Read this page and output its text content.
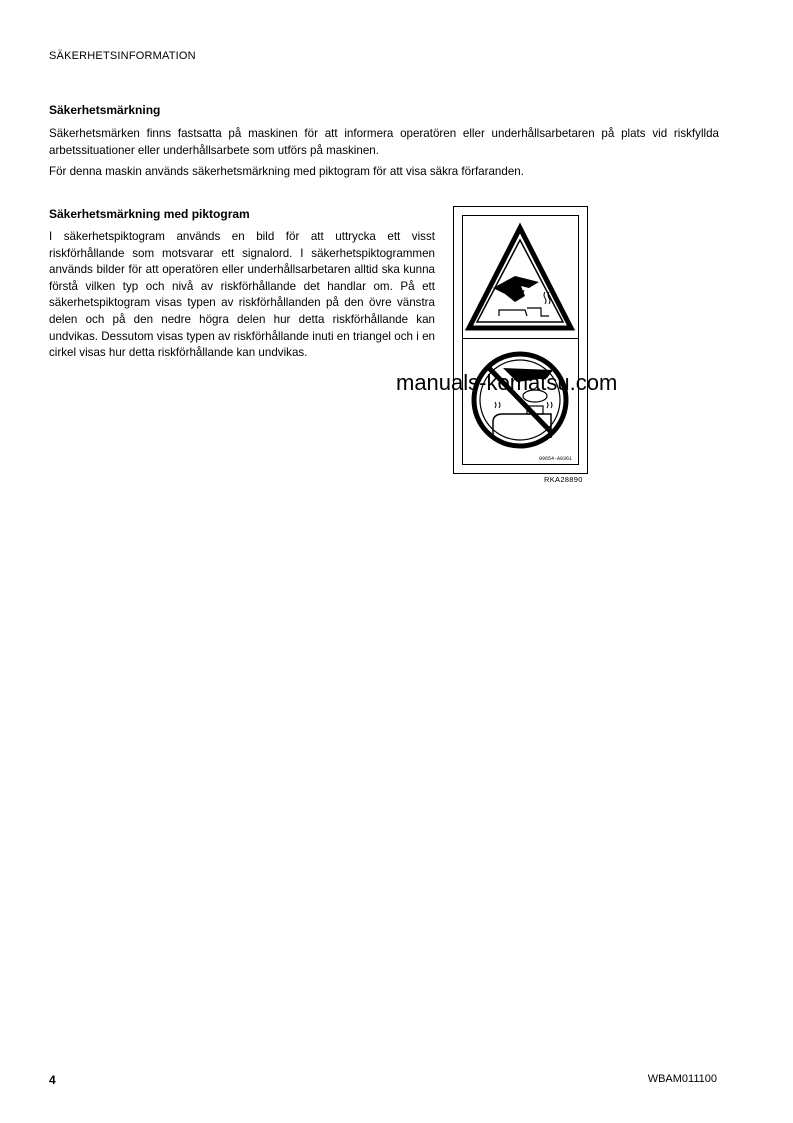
SÄKERHETSINFORMATION
Säkerhetsmärkning
Säkerhetsmärken finns fastsatta på maskinen för att informera operatören eller underhållsarbetaren på plats vid riskfyllda arbetssituationer eller underhållsarbete som utförs på maskinen.
För denna maskin används säkerhetsmärkning med piktogram för att visa säkra förfaranden.
Säkerhetsmärkning med piktogram
I säkerhetspiktogram används en bild för att uttrycka ett visst riskförhållande som motsvarar ett signalord. I säkerhetspiktogrammen används bilder för att operatören eller underhållsarbetaren alltid ska kunna förstå vilken typ och nivå av riskförhållande det handlar om. På ett säkerhetspiktogram visas typen av riskförhållanden på den övre vänstra delen och på den nedre högra delen hur detta riskförhållande kan undvikas. Dessutom visas typen av riskförhållande inuti en triangel och i en cirkel visas hur detta riskförhållande kan undvikas.
09654-A0361
RKA28890
manuals-komatsu.com
4	WBAM011100
